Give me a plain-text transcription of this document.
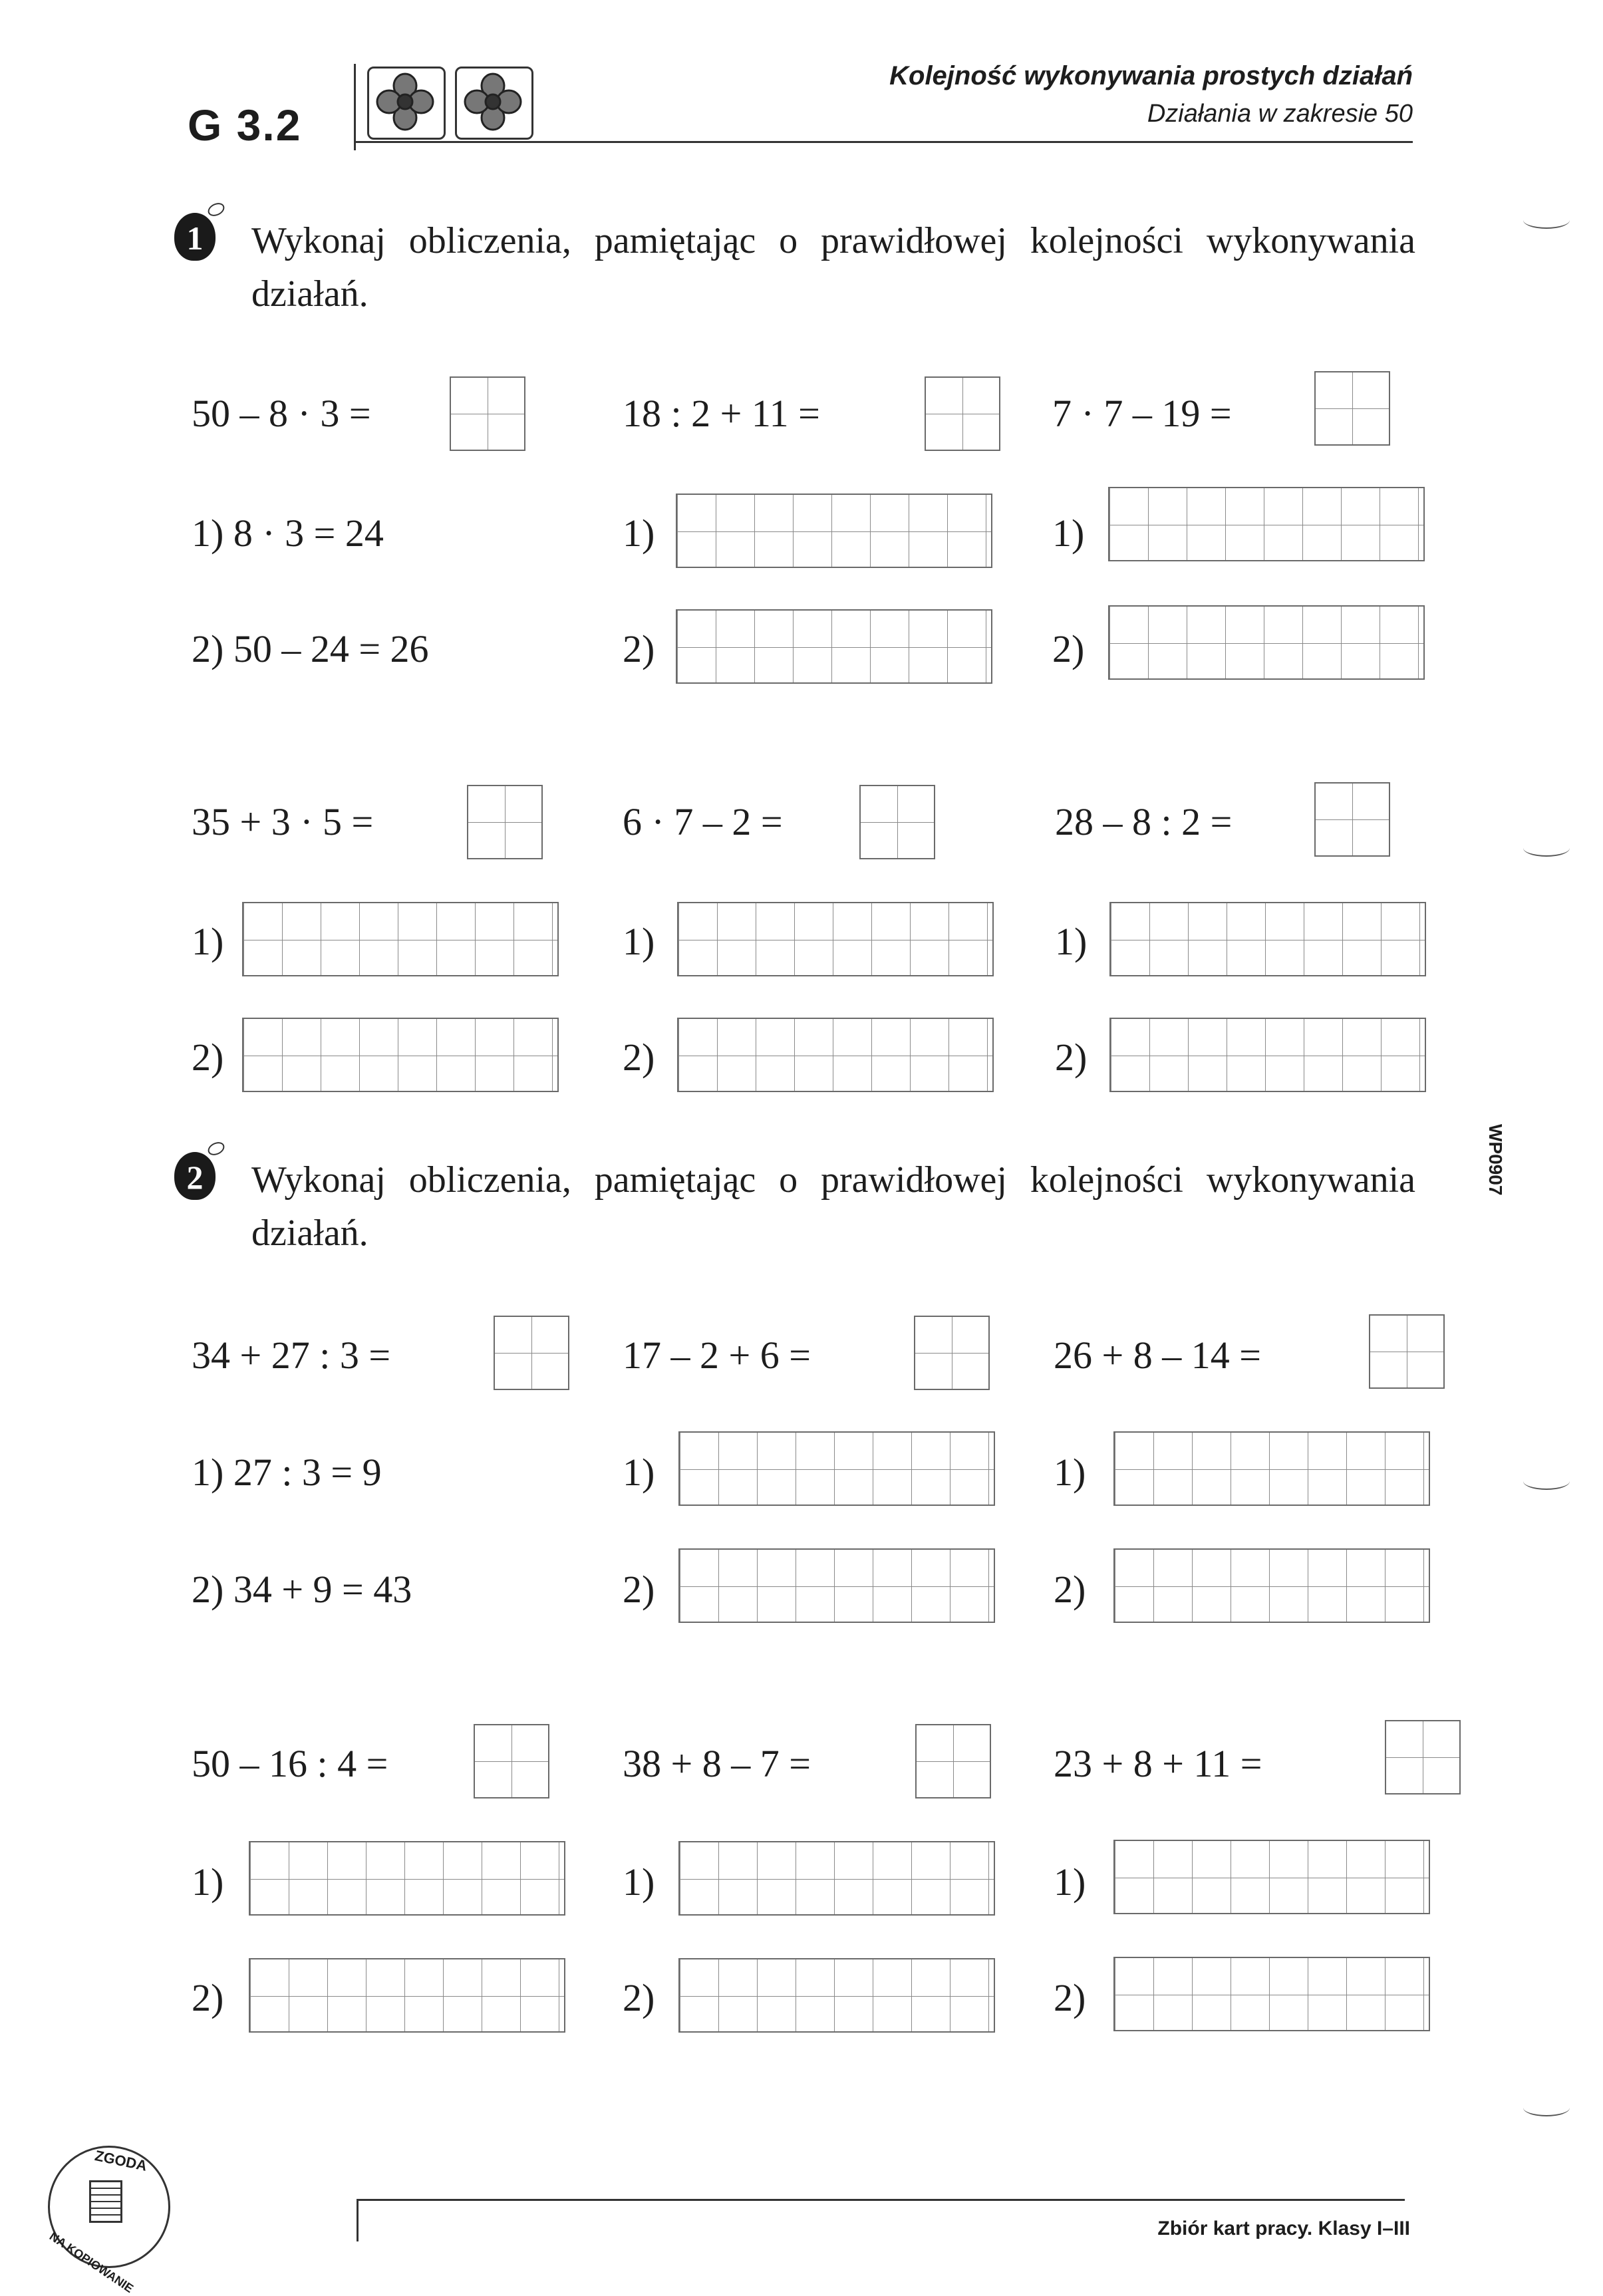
G 3.2
Kolejność wykonywania prostych działań
Działania w zakresie 50
1	Wykonaj obliczenia, pamiętając o prawidłowej kolejności wykonywania działań.
50 – 8 · 3 =
1) 8 · 3 = 24
2) 50 – 24 = 26
18 : 2 + 11 =
1)
2)
7 · 7 – 19 =
1)
2)
35 + 3 · 5 =
1)
2)
6 · 7 – 2 =
1)
2)
28 – 8 : 2 =
1)
2)
2	Wykonaj obliczenia, pamiętając o prawidłowej kolejności wykonywania działań.
34 + 27 : 3 =
1) 27 : 3 = 9
2) 34 + 9 = 43
17 – 2 + 6 =
1)
2)
26 + 8 – 14 =
1)
2)
50 – 16 : 4 =
1)
2)
38 + 8 – 7 =
1)
2)
23 + 8 + 11 =
1)
2)
WP0907
ZGODA
NA KOPIOWANIE
Zbiór kart pracy. Klasy I–III
